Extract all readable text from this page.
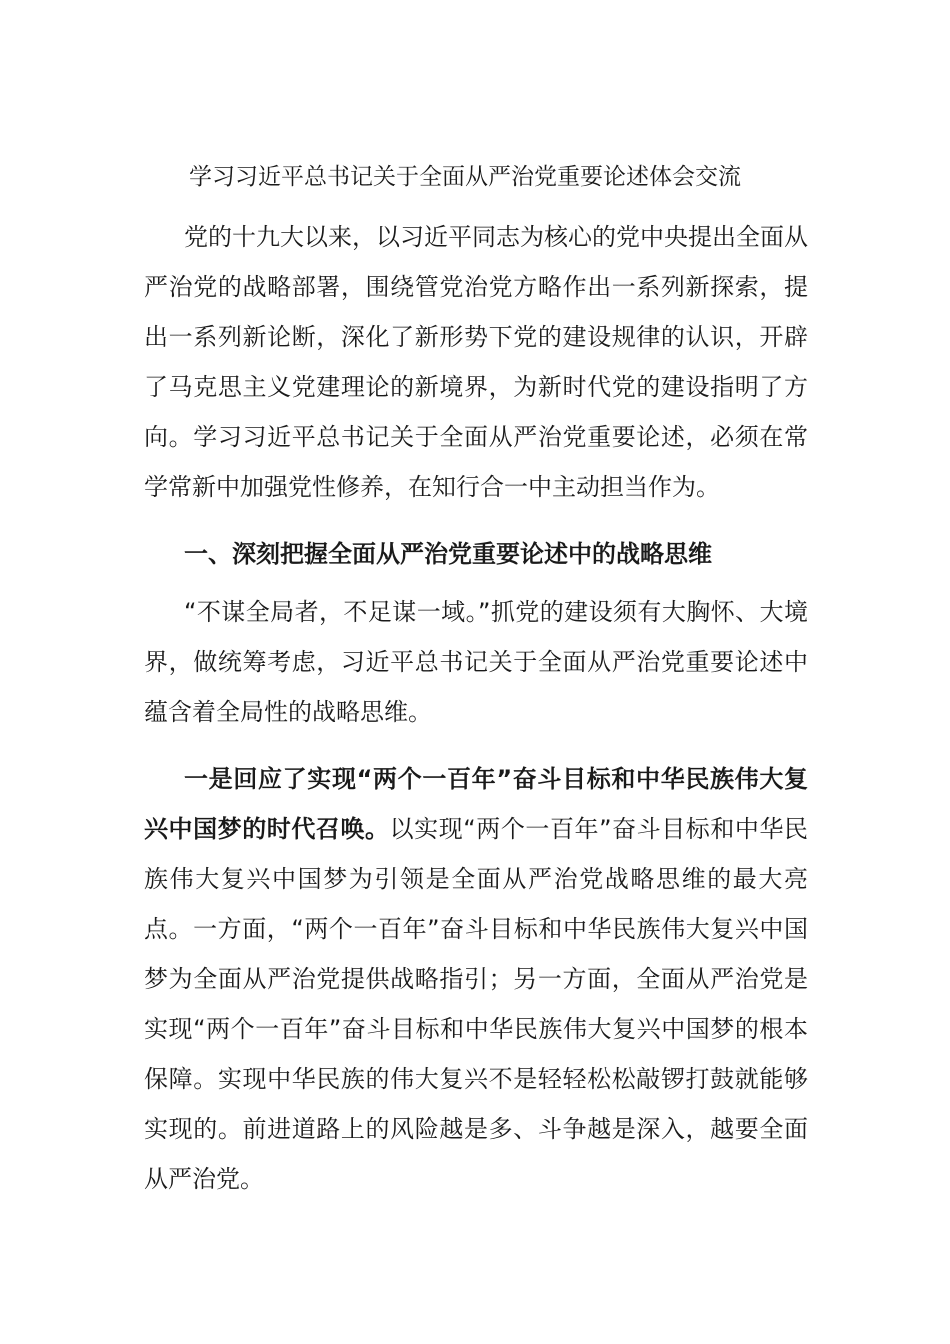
学习习近平总书记关于全面从严治党重要论述体会交流

党的十九大以来，以习近平同志为核心的党中央提出全面从严治党的战略部署，围绕管党治党方略作出一系列新探索，提出一系列新论断，深化了新形势下党的建设规律的认识，开辟了马克思主义党建理论的新境界，为新时代党的建设指明了方向。学习习近平总书记关于全面从严治党重要论述，必须在常学常新中加强党性修养，在知行合一中主动担当作为。

一、深刻把握全面从严治党重要论述中的战略思维

“不谋全局者，不足谋一域。”抓党的建设须有大胸怀、大境界，做统筹考虑，习近平总书记关于全面从严治党重要论述中蕴含着全局性的战略思维。

一是回应了实现“两个一百年”奋斗目标和中华民族伟大复兴中国梦的时代召唤。以实现“两个一百年”奋斗目标和中华民族伟大复兴中国梦为引领是全面从严治党战略思维的最大亮点。一方面，“两个一百年”奋斗目标和中华民族伟大复兴中国梦为全面从严治党提供战略指引；另一方面，全面从严治党是实现“两个一百年”奋斗目标和中华民族伟大复兴中国梦的根本保障。实现中华民族的伟大复兴不是轻轻松松敲锣打鼓就能够实现的。前进道路上的风险越是多、斗争越是深入，越要全面从严治党。
